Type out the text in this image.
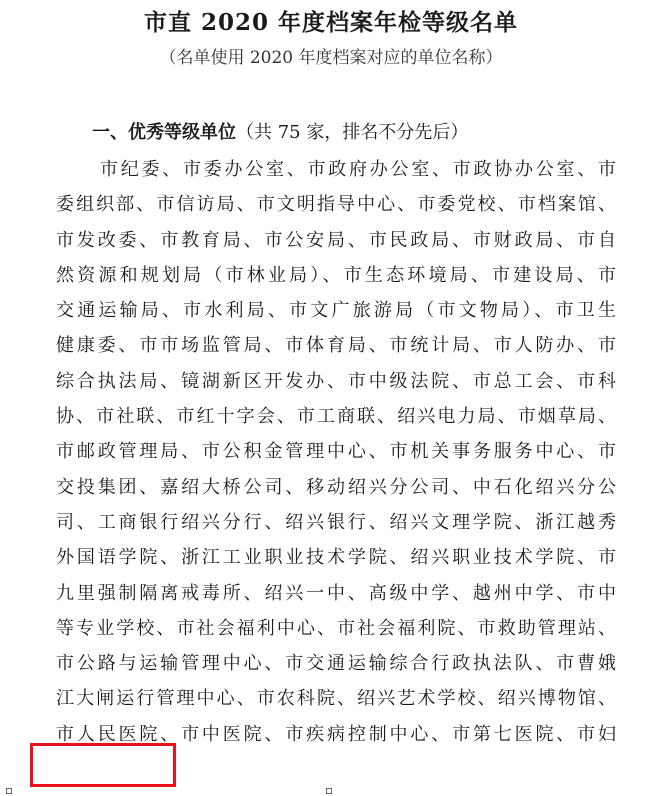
市直 2020 年度档案年检等级名单

（名单使用 2020 年度档案对应的单位名称）

一、优秀等级单位（共 75 家，排名不分先后）

市纪委、市委办公室、市政府办公室、市政协办公室、市
委组织部、市信访局、市文明指导中心、市委党校、市档案馆、
市发改委、市教育局、市公安局、市民政局、市财政局、市自
然资源和规划局（市林业局）、市生态环境局、市建设局、市
交通运输局、市水利局、市文广旅游局（市文物局）、市卫生
健康委、市市场监管局、市体育局、市统计局、市人防办、市
综合执法局、镜湖新区开发办、市中级法院、市总工会、市科
协、市社联、市红十字会、市工商联、绍兴电力局、市烟草局、
市邮政管理局、市公积金管理中心、市机关事务服务中心、市
交投集团、嘉绍大桥公司、移动绍兴分公司、中石化绍兴分公
司、工商银行绍兴分行、绍兴银行、绍兴文理学院、浙江越秀
外国语学院、浙江工业职业技术学院、绍兴职业技术学院、市
九里强制隔离戒毒所、绍兴一中、高级中学、越州中学、市中
等专业学校、市社会福利中心、市社会福利院、市救助管理站、
市公路与运输管理中心、市交通运输综合行政执法队、市曹娥
江大闸运行管理中心、市农科院、绍兴艺术学校、绍兴博物馆、
市人民医院、市中医院、市疾病控制中心、市第七医院、市妇
